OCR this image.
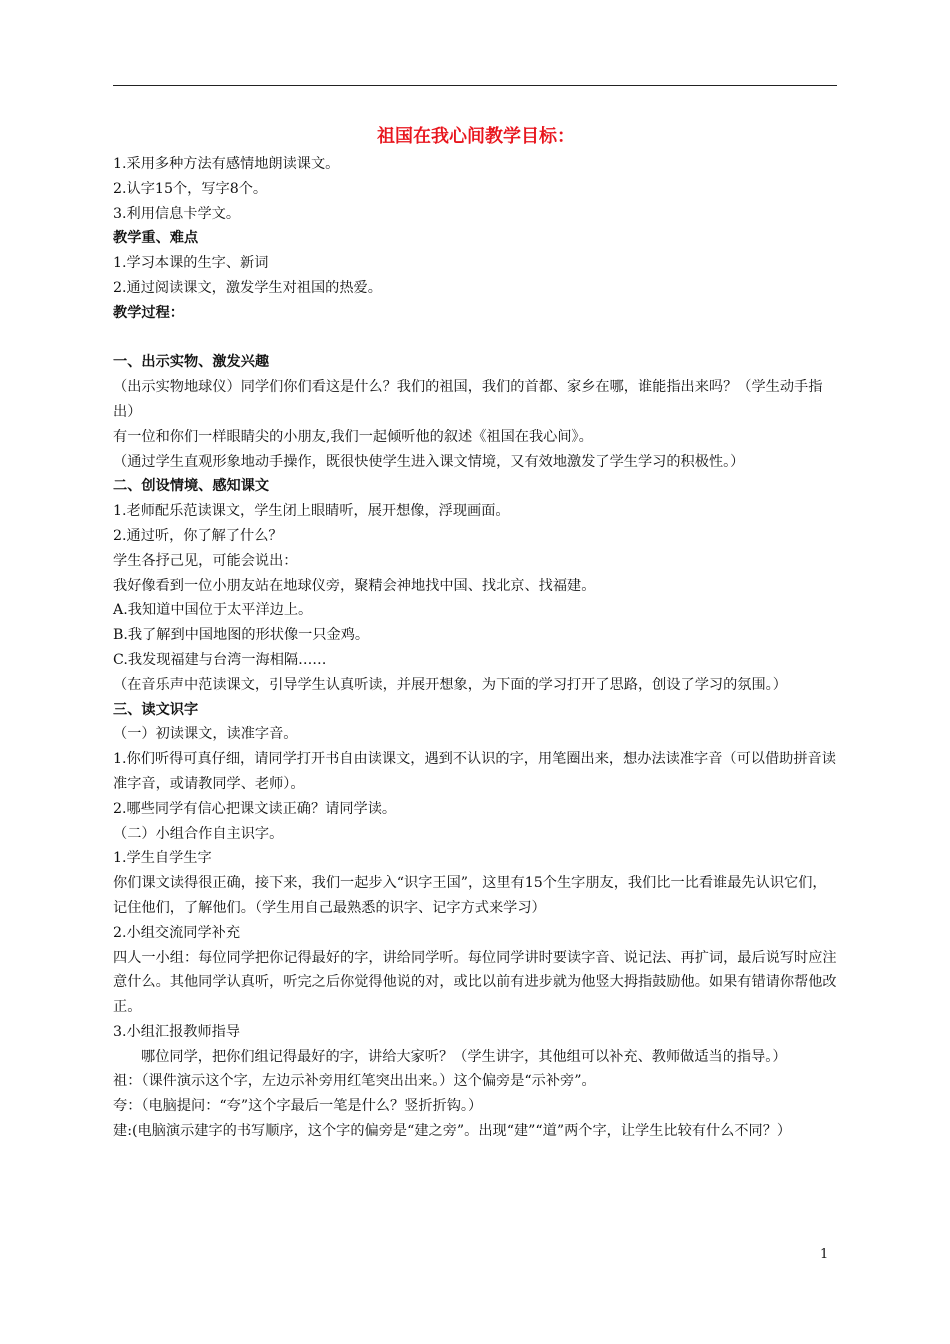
祖国在我心间教学目标：

1.采用多种方法有感情地朗读课文。

2.认字15个，写字8个。

3.利用信息卡学文。

教学重、难点

1.学习本课的生字、新词

2.通过阅读课文，激发学生对祖国的热爱。

教学过程：

一、出示实物、激发兴趣

（出示实物地球仪）同学们你们看这是什么？我们的祖国，我们的首都、家乡在哪，谁能指出来吗？（学生动手指出）

有一位和你们一样眼睛尖的小朋友,我们一起倾听他的叙述《祖国在我心间》。

（通过学生直观形象地动手操作，既很快使学生进入课文情境，又有效地激发了学生学习的积极性。）

二、创设情境、感知课文

1.老师配乐范读课文，学生闭上眼睛听，展开想像，浮现画面。

2.通过听，你了解了什么？

学生各抒己见，可能会说出：

我好像看到一位小朋友站在地球仪旁，聚精会神地找中国、找北京、找福建。

A.我知道中国位于太平洋边上。

B.我了解到中国地图的形状像一只金鸡。

C.我发现福建与台湾一海相隔……

（在音乐声中范读课文，引导学生认真听读，并展开想象，为下面的学习打开了思路，创设了学习的氛围。）

三、读文识字

（一）初读课文，读准字音。

1.你们听得可真仔细，请同学打开书自由读课文，遇到不认识的字，用笔圈出来，想办法读准字音（可以借助拼音读准字音，或请教同学、老师）。

2.哪些同学有信心把课文读正确？请同学读。

（二）小组合作自主识字。

1.学生自学生字

你们课文读得很正确，接下来，我们一起步入“识字王国”，这里有15个生字朋友，我们比一比看谁最先认识它们，记住他们，了解他们。（学生用自己最熟悉的识字、记字方式来学习）

2.小组交流同学补充

四人一小组：每位同学把你记得最好的字，讲给同学听。每位同学讲时要读字音、说记法、再扩词，最后说写时应注意什么。其他同学认真听，听完之后你觉得他说的对，或比以前有进步就为他竖大拇指鼓励他。如果有错请你帮他改正。

3.小组汇报教师指导

哪位同学，把你们组记得最好的字，讲给大家听？（学生讲字，其他组可以补充、教师做适当的指导。）

祖：（课件演示这个字，左边示补旁用红笔突出出来。）这个偏旁是“示补旁”。

夸：（电脑提问：“夸”这个字最后一笔是什么？竖折折钩。）

建:(电脑演示建字的书写顺序，这个字的偏旁是“建之旁”。出现“建”“道”两个字，让学生比较有什么不同？）

1
